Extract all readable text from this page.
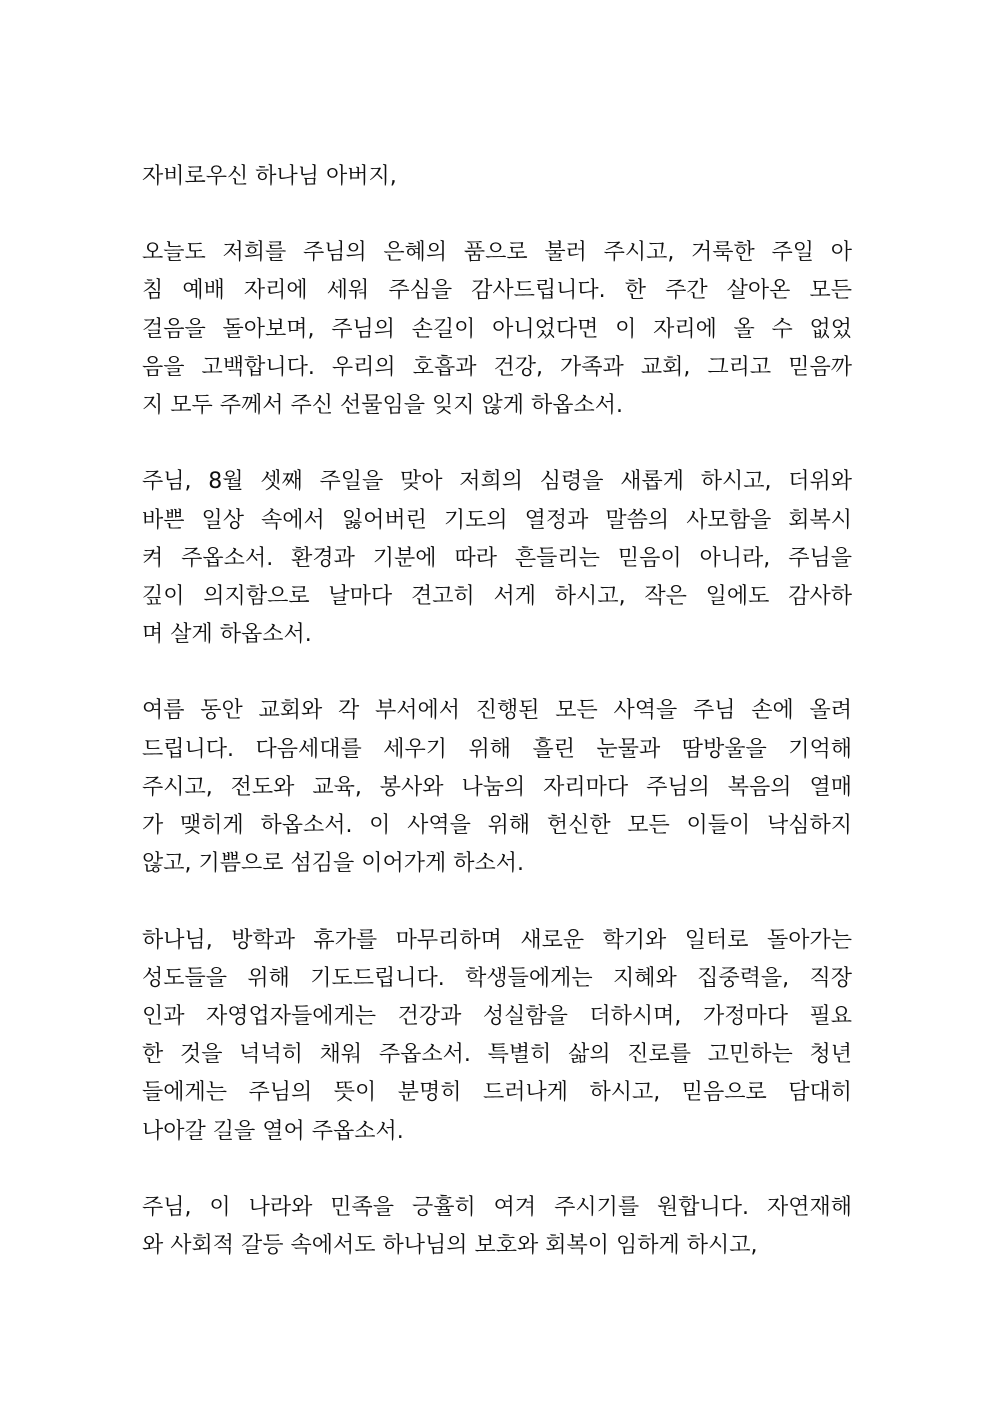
자비로우신 하나님 아버지,
오늘도 저희를 주님의 은혜의 품으로 불러 주시고, 거룩한 주일 아
침 예배 자리에 세워 주심을 감사드립니다. 한 주간 살아온 모든
걸음을 돌아보며, 주님의 손길이 아니었다면 이 자리에 올 수 없었
음을 고백합니다. 우리의 호흡과 건강, 가족과 교회, 그리고 믿음까
지 모두 주께서 주신 선물임을 잊지 않게 하옵소서.
주님, 8월 셋째 주일을 맞아 저희의 심령을 새롭게 하시고, 더위와
바쁜 일상 속에서 잃어버린 기도의 열정과 말씀의 사모함을 회복시
켜 주옵소서. 환경과 기분에 따라 흔들리는 믿음이 아니라, 주님을
깊이 의지함으로 날마다 견고히 서게 하시고, 작은 일에도 감사하
며 살게 하옵소서.
여름 동안 교회와 각 부서에서 진행된 모든 사역을 주님 손에 올려
드립니다. 다음세대를 세우기 위해 흘린 눈물과 땀방울을 기억해
주시고, 전도와 교육, 봉사와 나눔의 자리마다 주님의 복음의 열매
가 맺히게 하옵소서. 이 사역을 위해 헌신한 모든 이들이 낙심하지
않고, 기쁨으로 섬김을 이어가게 하소서.
하나님, 방학과 휴가를 마무리하며 새로운 학기와 일터로 돌아가는
성도들을 위해 기도드립니다. 학생들에게는 지혜와 집중력을, 직장
인과 자영업자들에게는 건강과 성실함을 더하시며, 가정마다 필요
한 것을 넉넉히 채워 주옵소서. 특별히 삶의 진로를 고민하는 청년
들에게는 주님의 뜻이 분명히 드러나게 하시고, 믿음으로 담대히
나아갈 길을 열어 주옵소서.
주님, 이 나라와 민족을 긍휼히 여겨 주시기를 원합니다. 자연재해
와 사회적 갈등 속에서도 하나님의 보호와 회복이 임하게 하시고,
